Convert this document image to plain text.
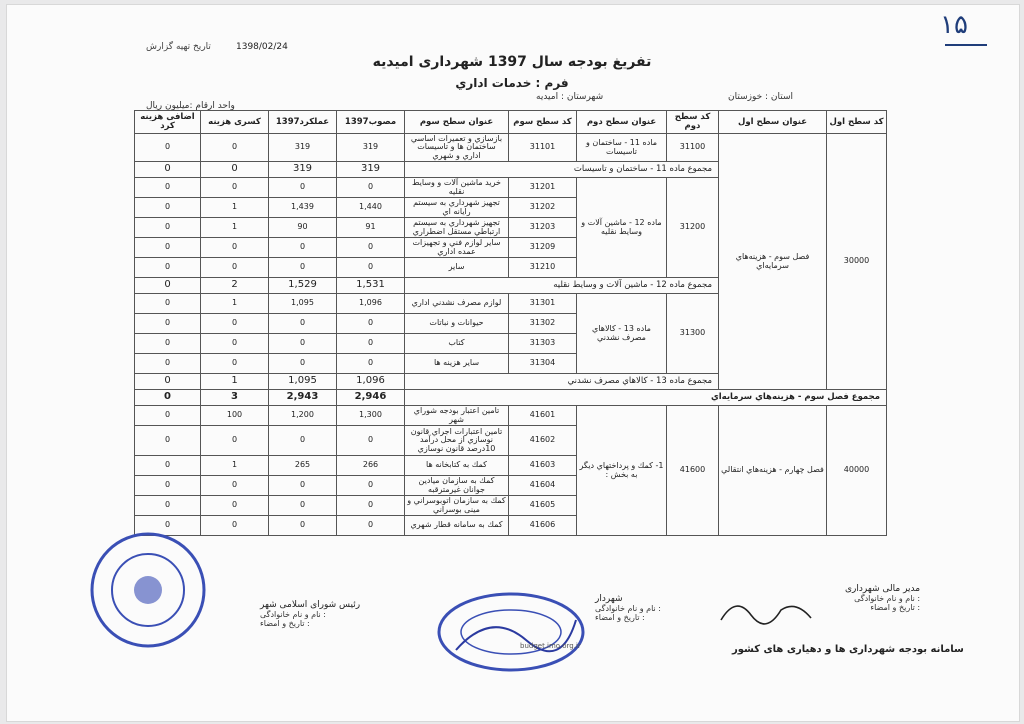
۱۵
تاریخ تهیه گزارش	1398/02/24
تفریغ بودجه سال 1397 شهرداری امیدیه
فرم : خدمات اداري
استان : خوزستان
شهرستان : امیدیه
واحد ارقام :میلیون ریال
کد سطح اول	عنوان سطح اول	کد سطح دوم	عنوان سطح دوم	کد سطح سوم	عنوان سطح سوم	مصوب1397	عملکرد1397	کسری هزینه	اضافی هزینه کرد
30000	فصل سوم - هزينه‌هاي سرمايه‌اي	31100	ماده 11 - ساختمان و تاسيسات	31101	بازسازي و تعميرات اساسي ساختمان ها و تاسيسات اداري و شهري	319	319	0	0
		مجموع ماده 11 - ساختمان و تاسيسات				319	319	0	0
		31200	ماده 12 - ماشين آلات و وسايط نقليه	31201	خريد ماشين آلات و وسايط نقليه	0	0	0	0
				31202	تجهيز شهرداري به سيستم رايانه اي	1,440	1,439	1	0
				31203	تجهيز شهرداري به سيستم ارتباطي مستقل اضطراري	91	90	1	0
				31209	ساير لوازم فني و تجهيزات عمده اداري	0	0	0	0
				31210	ساير	0	0	0	0
		مجموع ماده 12 - ماشين آلات و وسايط نقليه				1,531	1,529	2	0
		31300	ماده 13 - كالاهاي مصرف نشدني	31301	لوازم مصرف نشدني اداري	1,096	1,095	1	0
				31302	حيوانات و نباتات	0	0	0	0
				31303	كتاب	0	0	0	0
				31304	ساير هزينه ها	0	0	0	0
		مجموع ماده 13 - كالاهاي مصرف نشدني				1,096	1,095	1	0
مجموع فصل سوم - هزينه‌هاي سرمايه‌اي						2,946	2,943	3	0
40000	فصل چهارم - هزينه‌هاي انتقالي	41600	1- كمك و پرداختهاي ديگر به بخش :	41601	تامين اعتبار بودجه شوراي شهر	1,300	1,200	100	0
				41602	تامين اعتبارات اجراي قانون نوسازي از محل درآمد 10درصد قانون نوسازي	0	0	0	0
				41603	كمك به كتابخانه ها	266	265	1	0
				41604	كمك به سازمان ميادين جوانان غيرمترقبه	0	0	0	0
				41605	كمك به سازمان اتوبوسراني و مينی بوسراني	0	0	0	0
				41606	كمك به سامانه قطار شهري	0	0	0	0
مدیر مالی شهرداری
نام و نام خانوادگی :
تاریخ و امضاء :
شهردار
نام و نام خانوادگی :
تاریخ و امضاء :
رئیس شورای اسلامی شهر
نام و نام خانوادگی :
تاریخ و امضاء :
budget.imo.org.ir	سامانه بودجه شهرداری ها و دهیاری های کشور
